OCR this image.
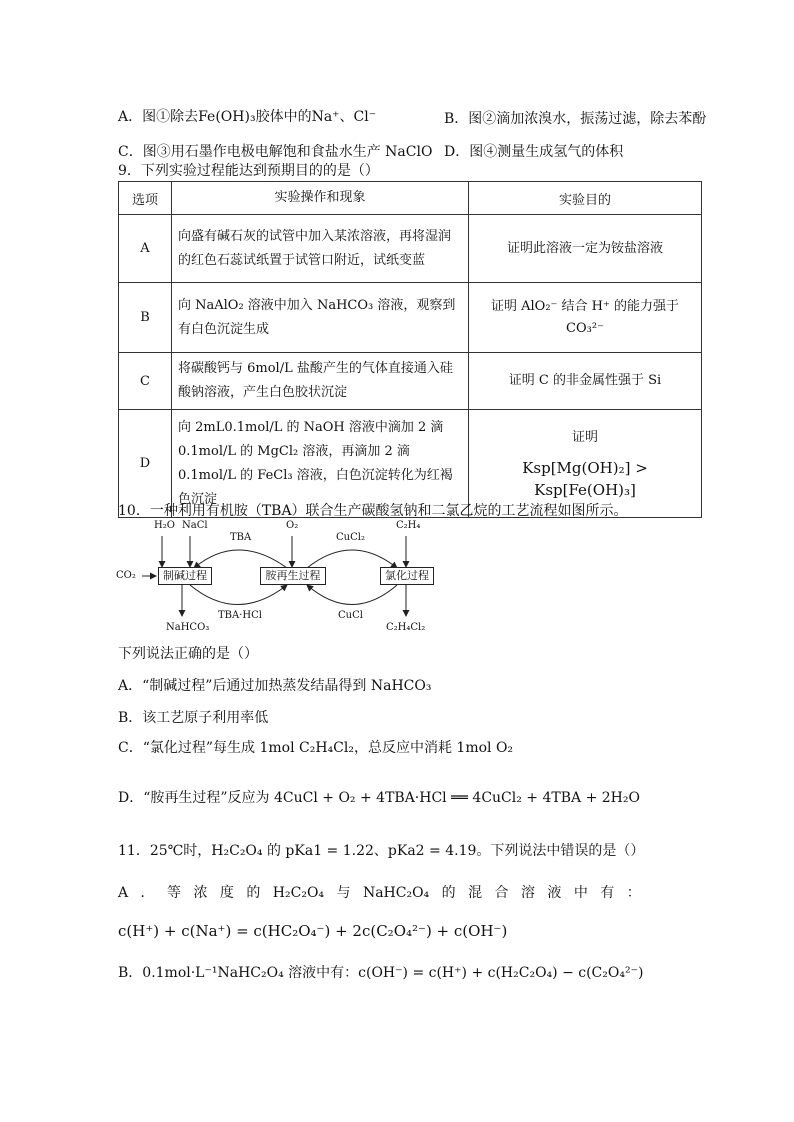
A．图①除去Fe(OH)₃胶体中的Na⁺、Cl⁻	B．图②滴加浓溴水，振荡过滤，除去苯酚
C．图③用石墨作电极电解饱和食盐水生产 NaClO D．图④测量生成氢气的体积
9．下列实验过程能达到预期目的的是（）
选项	实验操作和现象	实验目的
A	向盛有碱石灰的试管中加入某浓溶液，再将湿润的红色石蕊试纸置于试管口附近，试纸变蓝	证明此溶液一定为铵盐溶液
B	向 NaAlO₂ 溶液中加入 NaHCO₃ 溶液，观察到有白色沉淀生成	证明 AlO₂⁻ 结合 H⁺ 的能力强于 CO₃²⁻
C	将碳酸钙与 6mol/L 盐酸产生的气体直接通入硅酸钠溶液，产生白色胶状沉淀	证明 C 的非金属性强于 Si
D	向 2mL0.1mol/L 的 NaOH 溶液中滴加 2 滴 0.1mol/L 的 MgCl₂ 溶液，再滴加 2 滴 0.1mol/L 的 FeCl₃ 溶液，白色沉淀转化为红褐色沉淀	证明
Ksp[Mg(OH)₂] > Ksp[Fe(OH)₃]
10．一种利用有机胺（TBA）联合生产碳酸氢钠和二氯乙烷的工艺流程如图所示。
制碱过程	胺再生过程	氯化过程
H₂O NaCl
CO₂
NaHCO₃
O₂	C₂H₄
C₂H₄Cl₂
TBA
TBA·HCl
CuCl₂
CuCl
下列说法正确的是（）
A．“制碱过程”后通过加热蒸发结晶得到 NaHCO₃
B．该工艺原子利用率低
C．“氯化过程”每生成 1mol C₂H₄Cl₂，总反应中消耗 1mol O₂
D．“胺再生过程”反应为 4CuCl + O₂ + 4TBA·HCl ══ 4CuCl₂ + 4TBA + 2H₂O
11．25℃时，H₂C₂O₄ 的 pKa1 = 1.22、pKa2 = 4.19。下列说法中错误的是（）
A ． 等 浓 度 的 H₂C₂O₄ 与 NaHC₂O₄ 的 混 合 溶 液 中 有 ：
c(H⁺) + c(Na⁺) = c(HC₂O₄⁻) + 2c(C₂O₄²⁻) + c(OH⁻)
B．0.1mol·L⁻¹NaHC₂O₄ 溶液中有：c(OH⁻) = c(H⁺) + c(H₂C₂O₄) − c(C₂O₄²⁻)
